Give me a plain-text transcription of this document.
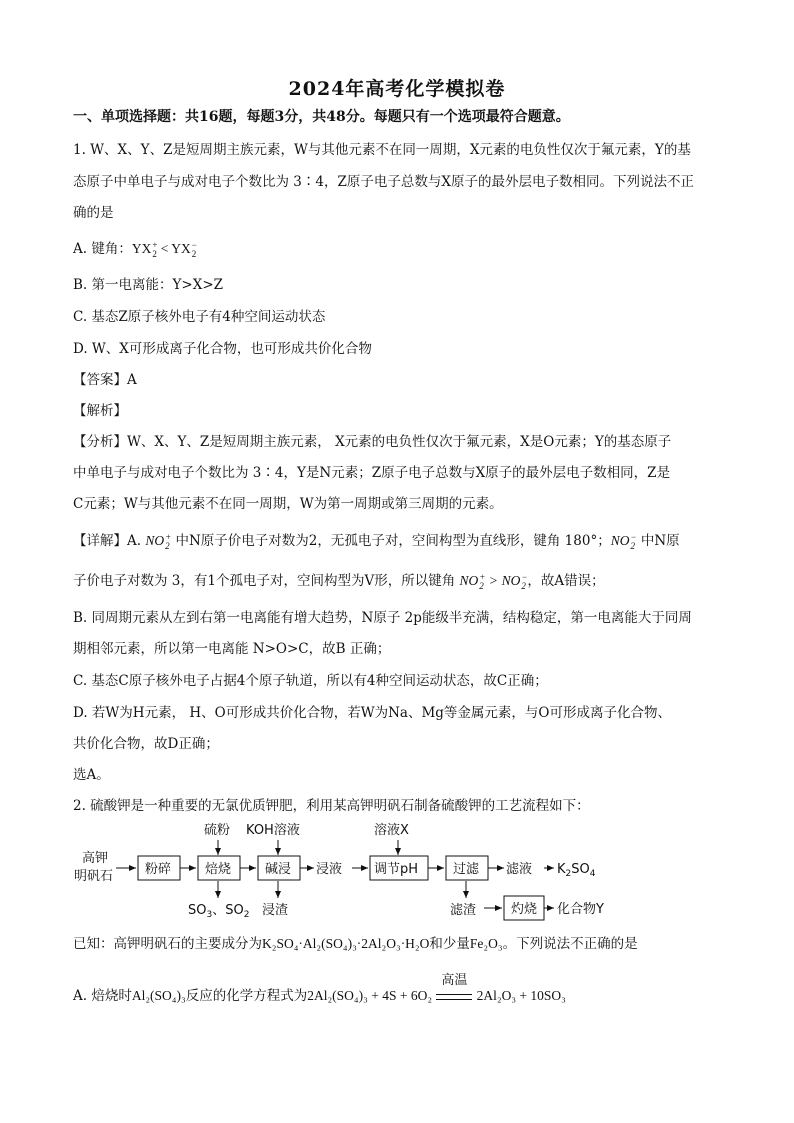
2024年高考化学模拟卷
一、单项选择题：共16题，每题3分，共48分。每题只有一个选项最符合题意。
1. W、X、Y、Z是短周期主族元素，W与其他元素不在同一周期，X元素的电负性仅次于氟元素，Y的基
态原子中单电子与成对电子个数比为 3∶4，Z原子电子总数与X原子的最外层电子数相同。下列说法不正
确的是
A. 键角：YX+
2 < YX−
2
B. 第一电离能：Y>X>Z
C. 基态Z原子核外电子有4种空间运动状态
D. W、X可形成离子化合物，也可形成共价化合物
【答案】A
【解析】
【分析】W、X、Y、Z是短周期主族元素， X元素的电负性仅次于氟元素，X是O元素；Y的基态原子
中单电子与成对电子个数比为 3∶4，Y是N元素；Z原子电子总数与X原子的最外层电子数相同，Z是
C元素；W与其他元素不在同一周期，W为第一周期或第三周期的元素。
【详解】A. NO+
2 中N原子价电子对数为2，无孤电子对，空间构型为直线形，键角 180°；NO−
2 中N原
子价电子对数为 3，有1个孤电子对，空间构型为V形，所以键角 NO+
2 > NO−
2 ，故A错误；
B. 同周期元素从左到右第一电离能有增大趋势，N原子 2p能级半充满，结构稳定，第一电离能大于同周
期相邻元素，所以第一电离能 N>O>C，故B 正确；
C. 基态C原子核外电子占据4个原子轨道，所以有4种空间运动状态，故C正确；
D. 若W为H元素， H、O可形成共价化合物，若W为Na、Mg等金属元素，与O可形成离子化合物、
共价化合物，故D正确；
选A。
2. 硫酸钾是一种重要的无氯优质钾肥，利用某高钾明矾石制备硫酸钾的工艺流程如下：
高钾
明矾石 粉碎	焙烧	碱浸	调节pH	过滤
灼烧
硫粉 KOH溶液	溶液X
浸液	滤液 $K_2SO_4$
$SO_3$、$SO_2$ 浸渣	滤渣	化合物Y
已知：高钾明矾石的主要成分为K₂SO₄·Al₂(SO₄)₃·2Al₂O₃·H₂O和少量Fe₂O₃。下列说法不正确的是
A. 焙烧时Al₂(SO₄)₃反应的化学方程式为2Al₂(SO₄)₃ + 4S + 6O₂
高温
2Al₂O₃ + 10SO₃
